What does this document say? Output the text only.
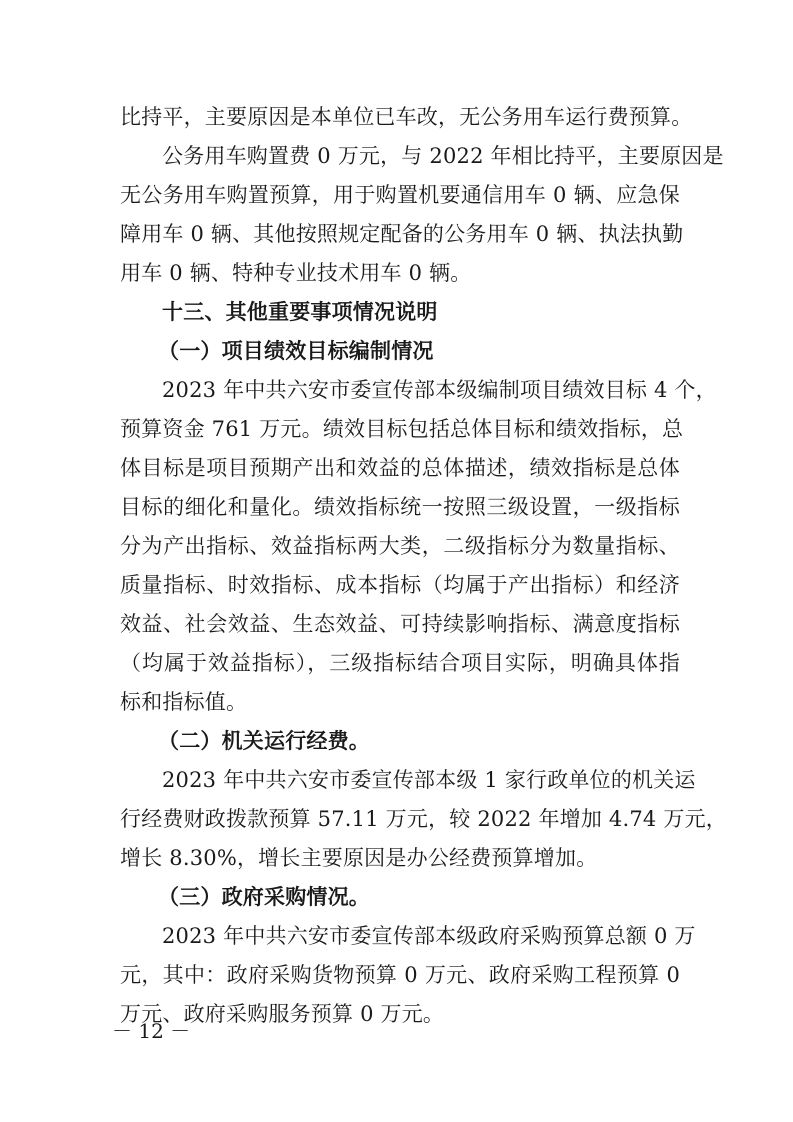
比持平，主要原因是本单位已车改，无公务用车运行费预算。
公务用车购置费 0 万元，与 2022 年相比持平，主要原因是
无公务用车购置预算，用于购置机要通信用车 0 辆、应急保
障用车 0 辆、其他按照规定配备的公务用车 0 辆、执法执勤
用车 0 辆、特种专业技术用车 0 辆。
十三、其他重要事项情况说明
（一）项目绩效目标编制情况
2023 年中共六安市委宣传部本级编制项目绩效目标 4 个，
预算资金 761 万元。绩效目标包括总体目标和绩效指标，总
体目标是项目预期产出和效益的总体描述，绩效指标是总体
目标的细化和量化。绩效指标统一按照三级设置，一级指标
分为产出指标、效益指标两大类，二级指标分为数量指标、
质量指标、时效指标、成本指标（均属于产出指标）和经济
效益、社会效益、生态效益、可持续影响指标、满意度指标
（均属于效益指标），三级指标结合项目实际，明确具体指
标和指标值。
（二）机关运行经费。
2023 年中共六安市委宣传部本级 1 家行政单位的机关运
行经费财政拨款预算 57.11 万元，较 2022 年增加 4.74 万元，
增长 8.30%，增长主要原因是办公经费预算增加。
（三）政府采购情况。
2023 年中共六安市委宣传部本级政府采购预算总额 0 万
元，其中：政府采购货物预算 0 万元、政府采购工程预算 0
万元、政府采购服务预算 0 万元。
－ 12 －
